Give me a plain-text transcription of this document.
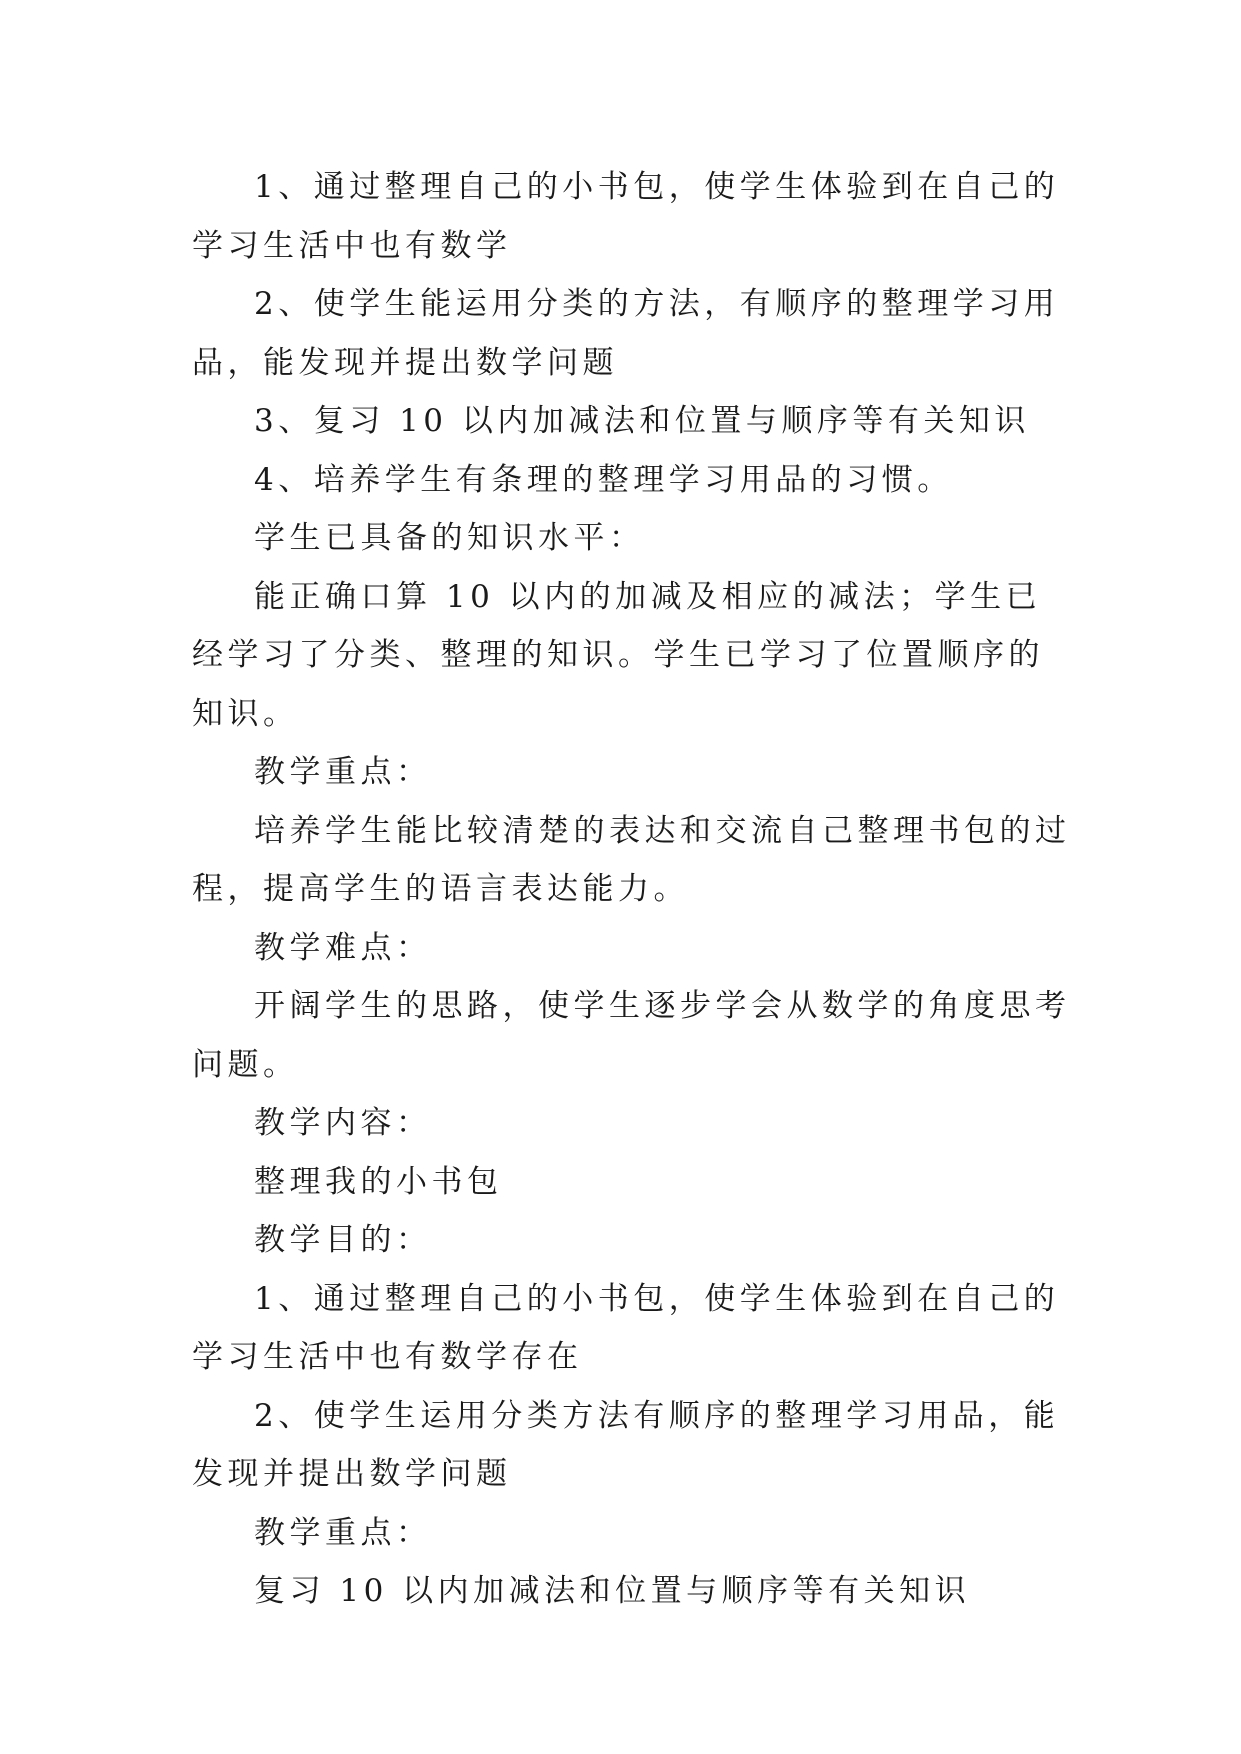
1、通过整理自己的小书包，使学生体验到在自己的学习生活中也有数学

2、使学生能运用分类的方法，有顺序的整理学习用品，能发现并提出数学问题

3、复习 10 以内加减法和位置与顺序等有关知识

4、培养学生有条理的整理学习用品的习惯。

学生已具备的知识水平：

能正确口算 10 以内的加减及相应的减法；学生已经学习了分类、整理的知识。学生已学习了位置顺序的知识。

教学重点：

培养学生能比较清楚的表达和交流自己整理书包的过程，提高学生的语言表达能力。

教学难点：

开阔学生的思路，使学生逐步学会从数学的角度思考问题。

教学内容：

整理我的小书包

教学目的：

1、通过整理自己的小书包，使学生体验到在自己的学习生活中也有数学存在

2、使学生运用分类方法有顺序的整理学习用品，能发现并提出数学问题

教学重点：

复习 10 以内加减法和位置与顺序等有关知识
